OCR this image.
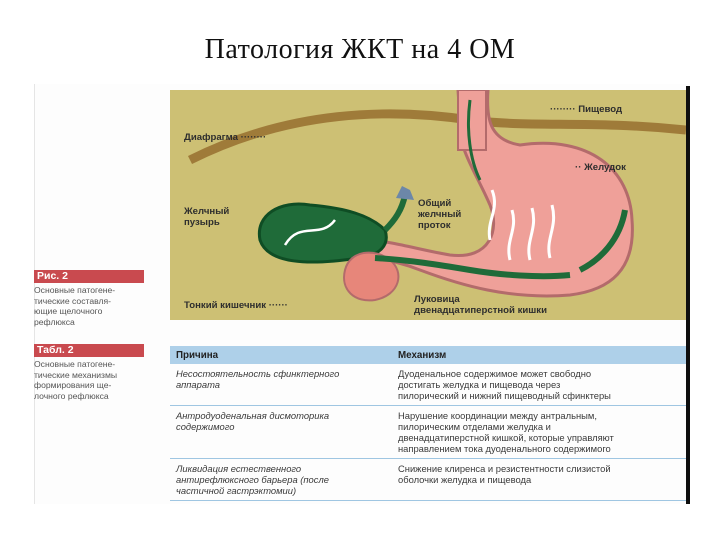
Патология ЖКТ на 4 ОМ
Рис. 2
Основные патогене-
тические составля-
ющие щелочного
рефлюкса
Табл. 2
Основные патогене-
тические механизмы
формирования ще-
лочного рефлюкса
Диафрагма ········
········ Пищевод
·· Желудок
Желчный
пузырь
Общий
желчный
проток
Тонкий кишечник ······
Луковица
двенадцатиперстной кишки
Причина	Механизм

Несостоятельность сфинктерного
аппарата	Дуоденальное содержимое может свободно
достигать желудка и пищевода через
пилорический и нижний пищеводный сфинктеры

Антродуоденальная дисмоторика
содержимого	Нарушение координации между антральным,
пилорическим отделами желудка и
двенадцатиперстной кишкой, которые управляют
направлением тока дуоденального содержимого

Ликвидация естественного
антирефлюксного барьера (после
частичной гастрэктомии)	Снижение клиренса и резистентности слизистой
оболочки желудка и пищевода
